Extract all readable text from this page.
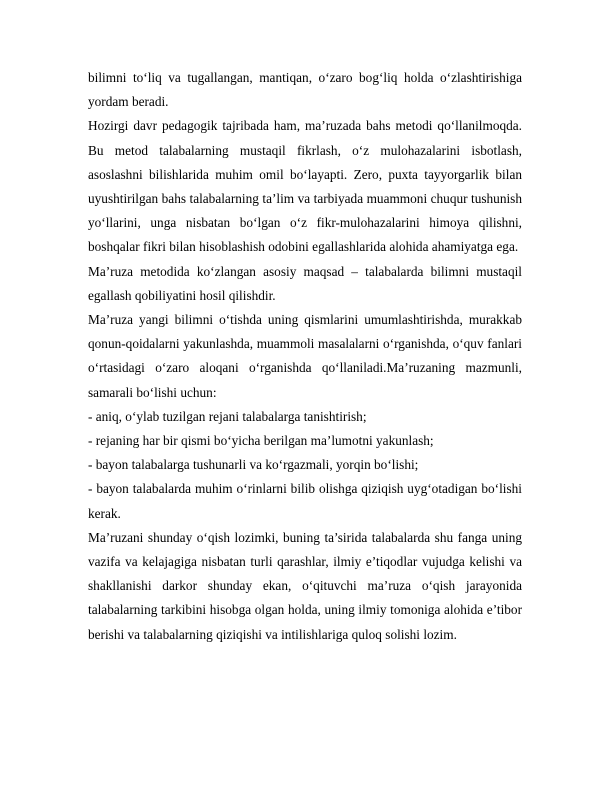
bilimni to‘liq va tugallangan, mantiqan, o‘zaro bog‘liq holda o‘zlashtirishiga yordam beradi.

Hozirgi davr pedagogik tajribada ham, ma’ruzada bahs metodi qo‘llanilmoqda. Bu metod talabalarning mustaqil fikrlash, o‘z mulohazalarini isbotlash, asoslashni bilishlarida muhim omil bo‘layapti. Zero, puxta tayyorgarlik bilan uyushtirilgan bahs talabalarning ta’lim va tarbiyada muammoni chuqur tushunish yo‘llarini, unga nisbatan bo‘lgan o‘z fikr-mulohazalarini himoya qilishni, boshqalar fikri bilan hisoblashish odobini egallashlarida alohida ahamiyatga ega.

Ma’ruza metodida ko‘zlangan asosiy maqsad – talabalarda bilimni mustaqil egallash qobiliyatini hosil qilishdir.

Ma’ruza yangi bilimni o‘tishda uning qismlarini umumlashtirishda, murakkab qonun-qoidalarni yakunlashda, muammoli masalalarni o‘rganishda, o‘quv fanlari o‘rtasidagi o‘zaro aloqani o‘rganishda qo‘llaniladi.Ma’ruzaning mazmunli, samarali bo‘lishi uchun:

- aniq, o‘ylab tuzilgan rejani talabalarga tanishtirish;

- rejaning har bir qismi bo‘yicha berilgan ma’lumotni yakunlash;

- bayon talabalarga tushunarli va ko‘rgazmali, yorqin bo‘lishi;

- bayon talabalarda muhim o‘rinlarni bilib olishga qiziqish uyg‘otadigan bo‘lishi kerak.

Ma’ruzani shunday o‘qish lozimki, buning ta’sirida talabalarda shu fanga uning vazifa va kelajagiga nisbatan turli qarashlar, ilmiy e’tiqodlar vujudga kelishi va shakllanishi darkor shunday ekan, o‘qituvchi ma’ruza o‘qish jarayonida talabalarning tarkibini hisobga olgan holda, uning ilmiy tomoniga alohida e’tibor berishi va talabalarning qiziqishi va intilishlariga quloq solishi lozim.
